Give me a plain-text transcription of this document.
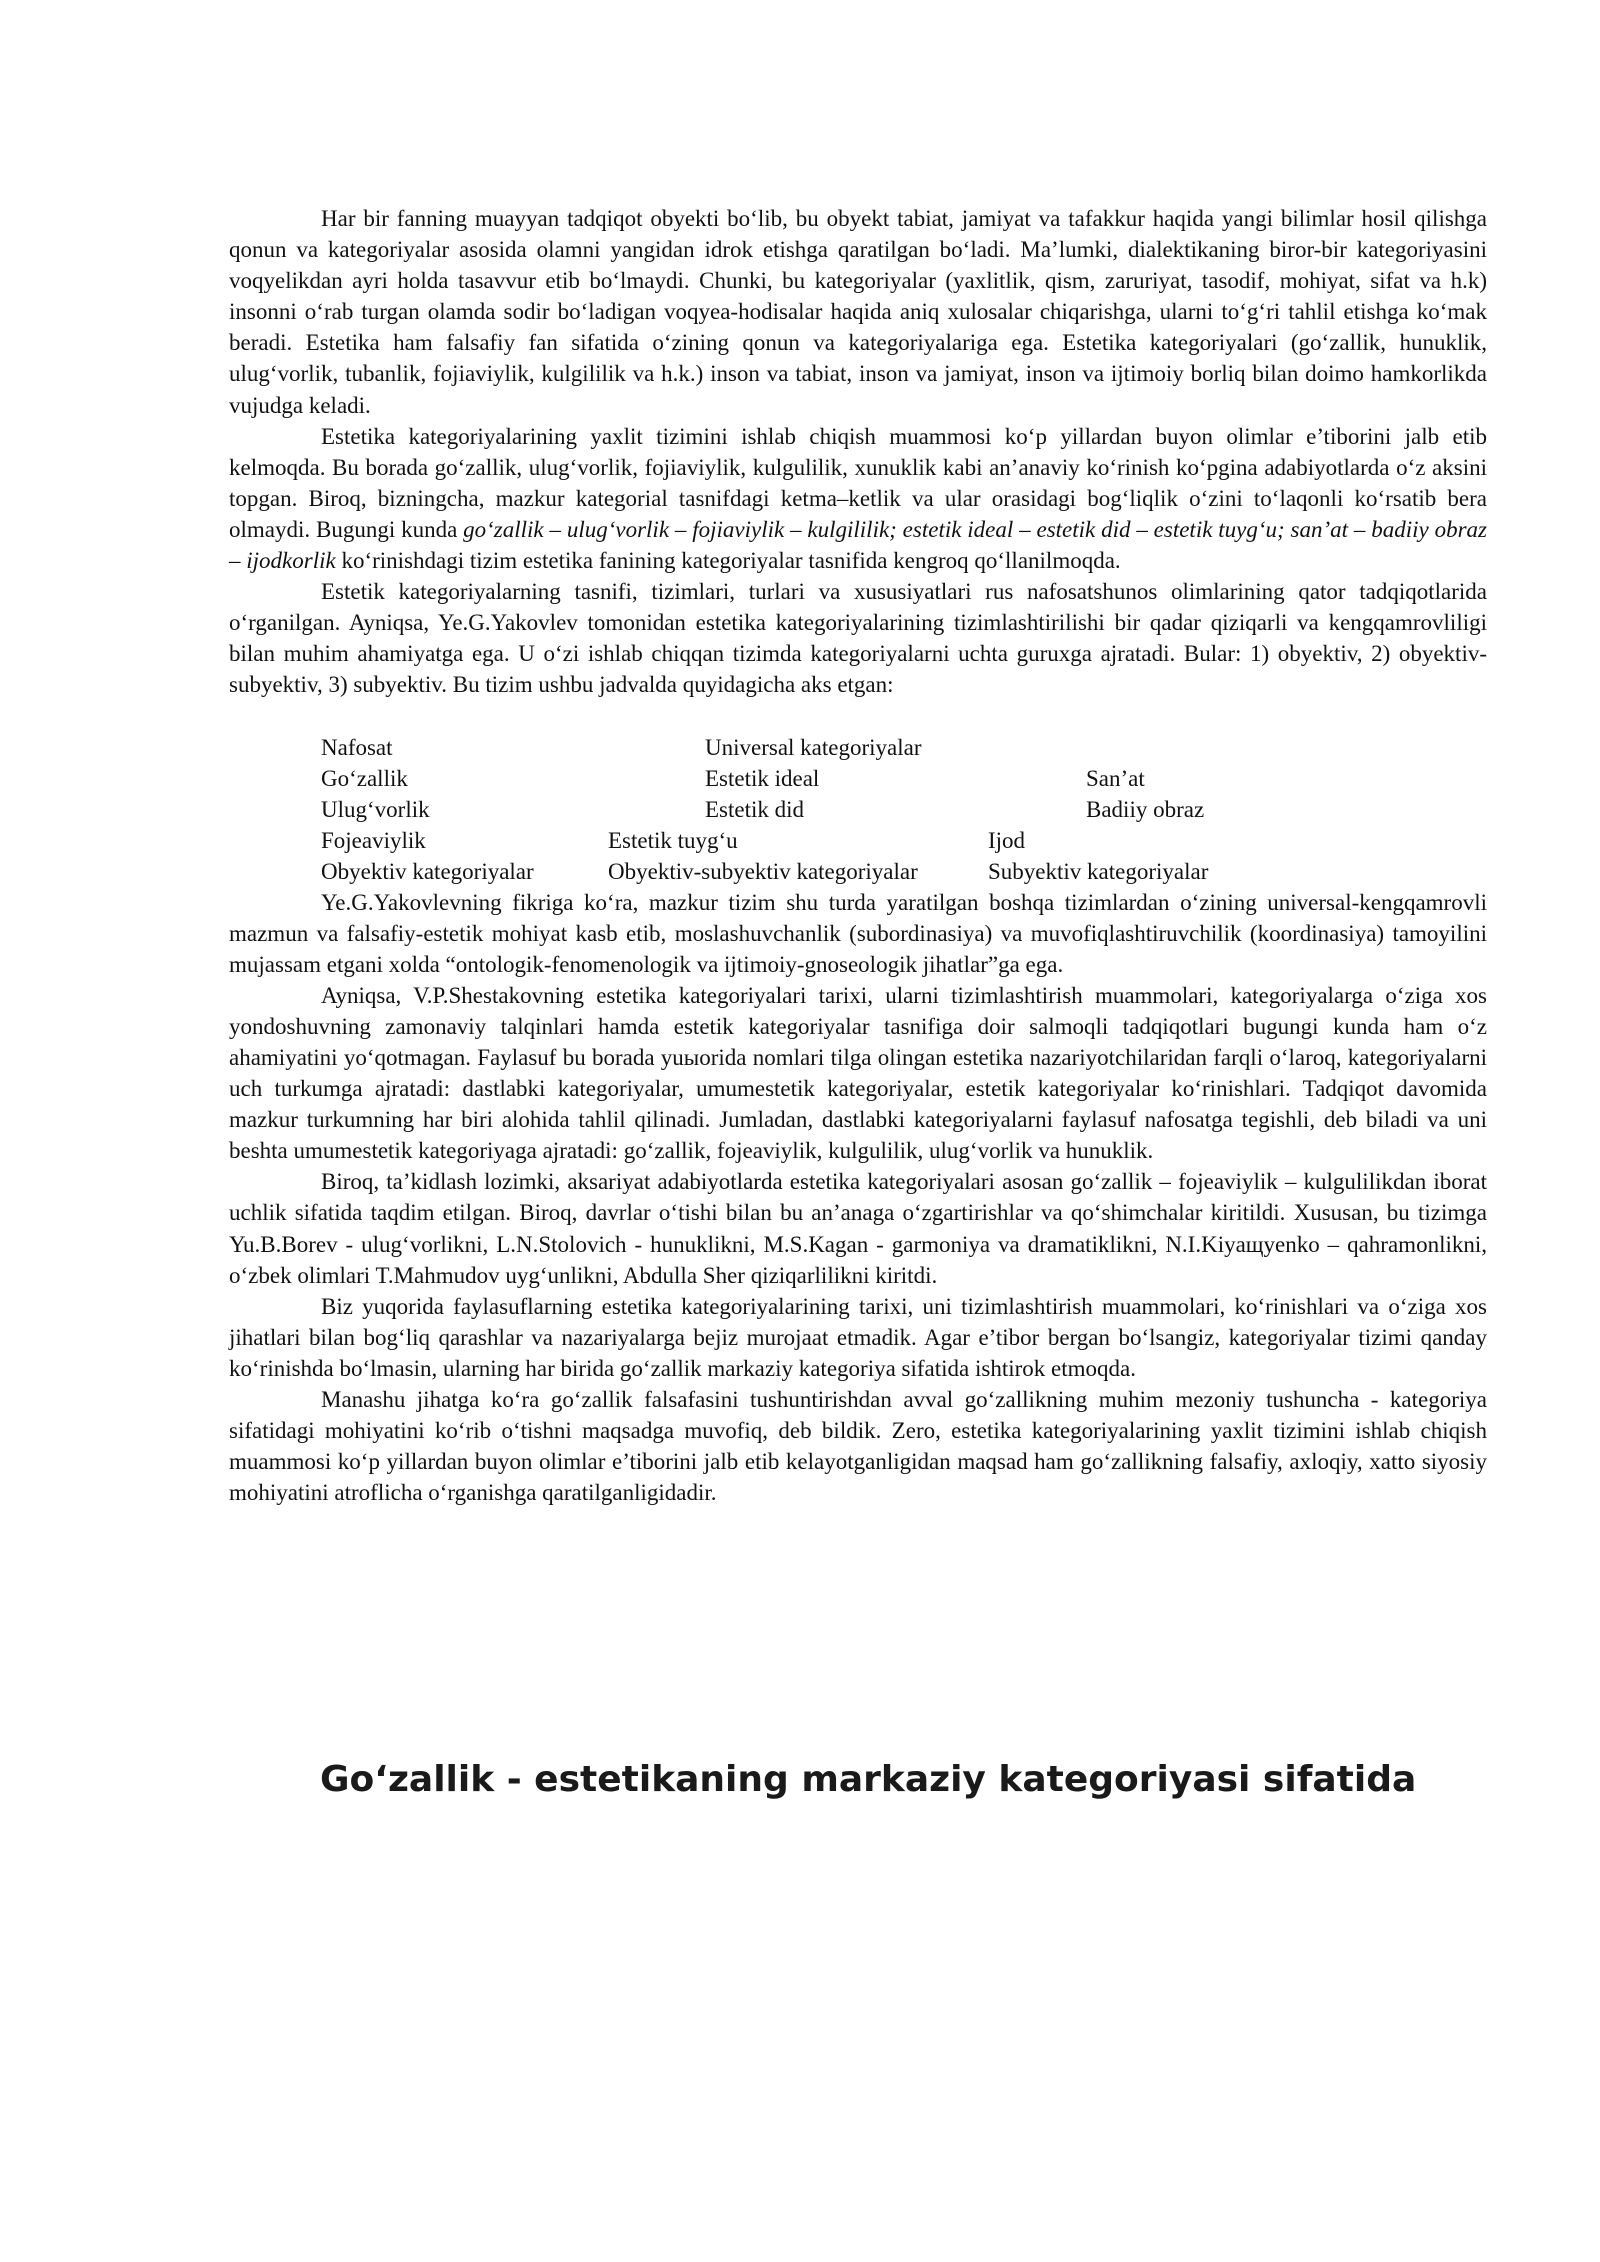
Har bir fanning muayyan tadqiqot obyekti bo‘lib, bu obyekt tabiat, jamiyat va tafakkur haqida yangi bilimlar hosil qilishga qonun va kategoriyalar asosida olamni yangidan idrok etishga qaratilgan bo‘ladi. Ma’lumki, dialektikaning biror-bir kategoriyasini voqyelikdan ayri holda tasavvur etib bo‘lmaydi. Chunki, bu kategoriyalar (yaxlitlik, qism, zaruriyat, tasodif, mohiyat, sifat va h.k) insonni o‘rab turgan olamda sodir bo‘ladigan voqyea-hodisalar haqida aniq xulosalar chiqarishga, ularni to‘g‘ri tahlil etishga ko‘mak beradi. Estetika ham falsafiy fan sifatida o‘zining qonun va kategoriyalariga ega. Estetika kategoriyalari (go‘zallik, hunuklik, ulug‘vorlik, tubanlik, fojiaviylik, kulgililik va h.k.) inson va tabiat, inson va jamiyat, inson va ijtimoiy borliq bilan doimo hamkorlikda vujudga keladi.

Estetika kategoriyalarining yaxlit tizimini ishlab chiqish muammosi ko‘p yillardan buyon olimlar e’tiborini jalb etib kelmoqda. Bu borada go‘zallik, ulug‘vorlik, fojiaviylik, kulgulilik, xunuklik kabi an’anaviy ko‘rinish ko‘pgina adabiyotlarda o‘z aksini topgan. Biroq, bizningcha, mazkur kategorial tasnifdagi ketma–ketlik va ular orasidagi bog‘liqlik o‘zini to‘laqonli ko‘rsatib bera olmaydi. Bugungi kunda go‘zallik – ulug‘vorlik – fojiaviylik – kulgililik; estetik ideal – estetik did – estetik tuyg‘u; san’at – badiiy obraz – ijodkorlik ko‘rinishdagi tizim estetika fanining kategoriyalar tasnifida kengroq qo‘llanilmoqda.

Estetik kategoriyalarning tasnifi, tizimlari, turlari va xususiyatlari rus nafosatshunos olimlarining qator tadqiqotlarida o‘rganilgan. Ayniqsa, Ye.G.Yakovlev tomonidan estetika kategoriyalarining tizimlashtirilishi bir qadar qiziqarli va kengqamrovliligi bilan muhim ahamiyatga ega. U o‘zi ishlab chiqqan tizimda kategoriyalarni uchta guruxga ajratadi. Bular: 1) obyektiv, 2) obyektiv-subyektiv, 3) subyektiv. Bu tizim ushbu jadvalda quyidagicha aks etgan:

Nafosat	Universal kategoriyalar
Go‘zallik	Estetik ideal	San’at
Ulug‘vorlik	Estetik did	Badiiy obraz
Fojeaviylik	Estetik tuyg‘u	Ijod
Obyektiv kategoriyalar	Obyektiv-subyektiv kategoriyalar	Subyektiv kategoriyalar

Ye.G.Yakovlevning fikriga ko‘ra, mazkur tizim shu turda yaratilgan boshqa tizimlardan o‘zining universal-kengqamrovli mazmun va falsafiy-estetik mohiyat kasb etib, moslashuvchanlik (subordinasiya) va muvofiqlashtiruvchilik (koordinasiya) tamoyilini mujassam etgani xolda “ontologik-fenomenologik va ijtimoiy-gnoseologik jihatlar”ga ega.

Ayniqsa, V.P.Shestakovning estetika kategoriyalari tarixi, ularni tizimlashtirish muammolari, kategoriyalarga o‘ziga xos yondoshuvning zamonaviy talqinlari hamda estetik kategoriyalar tasnifiga doir salmoqli tadqiqotlari bugungi kunda ham o‘z ahamiyatini yo‘qotmagan. Faylasuf bu borada yuыorida nomlari tilga olingan estetika nazariyotchilaridan farqli o‘laroq, kategoriyalarni uch turkumga ajratadi: dastlabki kategoriyalar, umumestetik kategoriyalar, estetik kategoriyalar ko‘rinishlari. Tadqiqot davomida mazkur turkumning har biri alohida tahlil qilinadi. Jumladan, dastlabki kategoriyalarni faylasuf nafosatga tegishli, deb biladi va uni beshta umumestetik kategoriyaga ajratadi: go‘zallik, fojeaviylik, kulgulilik, ulug‘vorlik va hunuklik.

Biroq, ta’kidlash lozimki, aksariyat adabiyotlarda estetika kategoriyalari asosan go‘zallik – fojeaviylik – kulgulilikdan iborat uchlik sifatida taqdim etilgan. Biroq, davrlar o‘tishi bilan bu an’anaga o‘zgartirishlar va qo‘shimchalar kiritildi. Xususan, bu tizimga Yu.B.Borev - ulug‘vorlikni, L.N.Stolovich - hunuklikni, M.S.Kagan - garmoniya va dramatiklikni, N.I.Kiyaщyenko – qahramonlikni, o‘zbek olimlari T.Mahmudov uyg‘unlikni, Abdulla Sher qiziqarlilikni kiritdi.

Biz yuqorida faylasuflarning estetika kategoriyalarining tarixi, uni tizimlashtirish muammolari, ko‘rinishlari va o‘ziga xos jihatlari bilan bog‘liq qarashlar va nazariyalarga bejiz murojaat etmadik. Agar e’tibor bergan bo‘lsangiz, kategoriyalar tizimi qanday ko‘rinishda bo‘lmasin, ularning har birida go‘zallik markaziy kategoriya sifatida ishtirok etmoqda.

Manashu jihatga ko‘ra go‘zallik falsafasini tushuntirishdan avval go‘zallikning muhim mezoniy tushuncha - kategoriya sifatidagi mohiyatini ko‘rib o‘tishni maqsadga muvofiq, deb bildik. Zero, estetika kategoriyalarining yaxlit tizimini ishlab chiqish muammosi ko‘p yillardan buyon olimlar e’tiborini jalb etib kelayotganligidan maqsad ham go‘zallikning falsafiy, axloqiy, xatto siyosiy mohiyatini atroflicha o‘rganishga qaratilganligidadir.

Go‘zallik - estetikaning markaziy kategoriyasi sifatida
